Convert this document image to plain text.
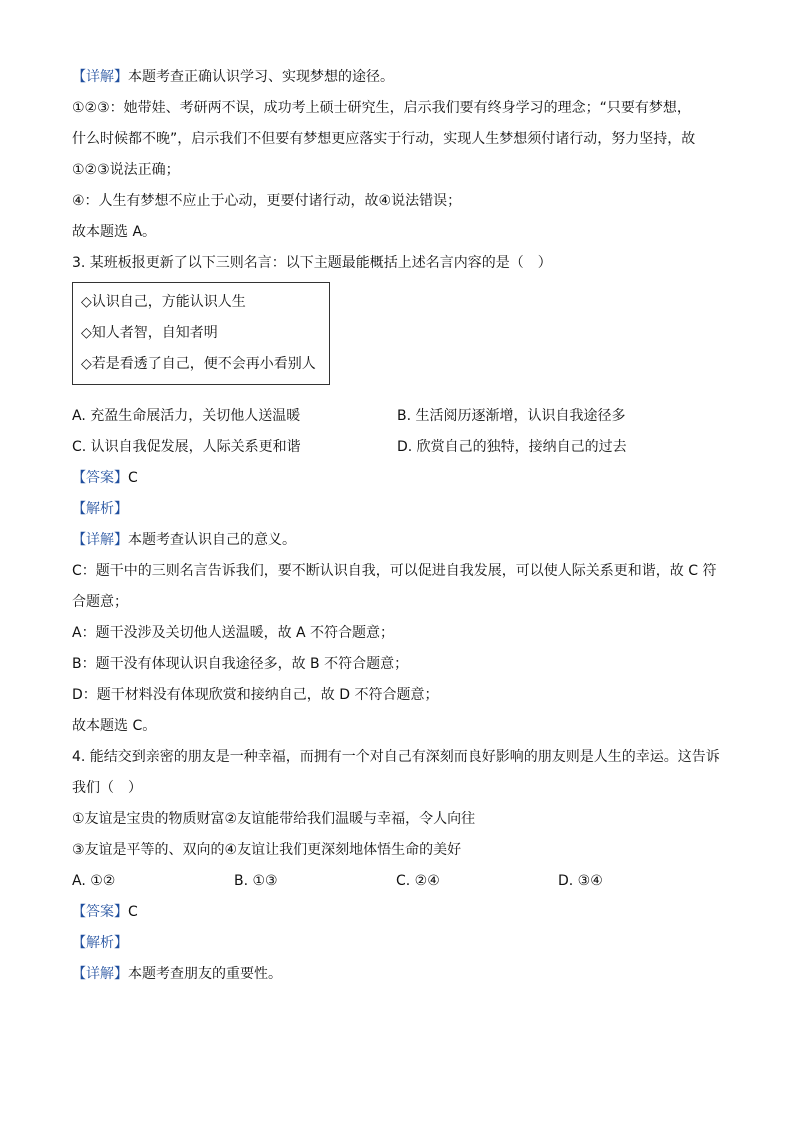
【详解】本题考查正确认识学习、实现梦想的途径。
①②③：她带娃、考研两不误，成功考上硕士研究生，启示我们要有终身学习的理念；“只要有梦想，
什么时候都不晚”，启示我们不但要有梦想更应落实于行动，实现人生梦想须付诸行动，努力坚持，故
①②③说法正确；
④：人生有梦想不应止于心动，更要付诸行动，故④说法错误；
故本题选 A。
3. 某班板报更新了以下三则名言：以下主题最能概括上述名言内容的是（　）
◇认识自己，方能认识人生
◇知人者智，自知者明
◇若是看透了自己，便不会再小看别人
A. 充盈生命展活力，关切他人送温暖	B. 生活阅历逐渐增，认识自我途径多
C. 认识自我促发展，人际关系更和谐	D. 欣赏自己的独特，接纳自己的过去
【答案】C
【解析】
【详解】本题考查认识自己的意义。
C：题干中的三则名言告诉我们，要不断认识自我，可以促进自我发展，可以使人际关系更和谐，故 C 符
合题意；
A：题干没涉及关切他人送温暖，故 A 不符合题意；
B：题干没有体现认识自我途径多，故 B 不符合题意；
D：题干材料没有体现欣赏和接纳自己，故 D 不符合题意；
故本题选 C。
4. 能结交到亲密的朋友是一种幸福，而拥有一个对自己有深刻而良好影响的朋友则是人生的幸运。这告诉
我们（　）
①友谊是宝贵的物质财富②友谊能带给我们温暖与幸福，令人向往
③友谊是平等的、双向的④友谊让我们更深刻地体悟生命的美好
A. ①②	B. ①③	C. ②④	D. ③④
【答案】C
【解析】
【详解】本题考查朋友的重要性。
